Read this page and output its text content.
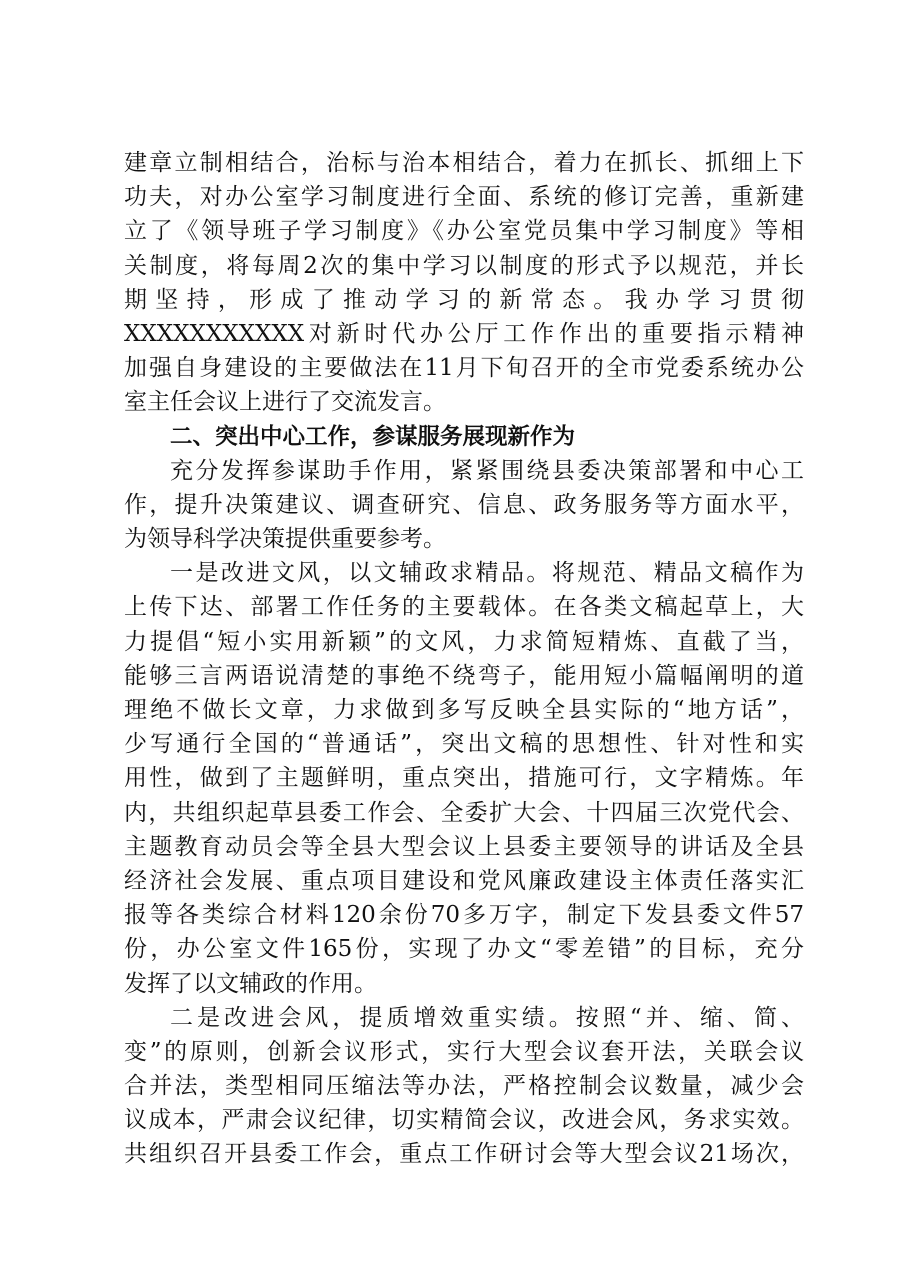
建章立制相结合，治标与治本相结合，着力在抓长、抓细上下
功夫，对办公室学习制度进行全面、系统的修订完善，重新建
立了《领导班子学习制度》《办公室党员集中学习制度》等相
关制度，将每周2次的集中学习以制度的形式予以规范，并长
期坚持，形成了推动学习的新常态。我办学习贯彻
XXXXXXXXXXX对新时代办公厅工作作出的重要指示精神
加强自身建设的主要做法在11月下旬召开的全市党委系统办公
室主任会议上进行了交流发言。
二、突出中心工作，参谋服务展现新作为
充分发挥参谋助手作用，紧紧围绕县委决策部署和中心工
作，提升决策建议、调查研究、信息、政务服务等方面水平，
为领导科学决策提供重要参考。
一是改进文风，以文辅政求精品。将规范、精品文稿作为
上传下达、部署工作任务的主要载体。在各类文稿起草上，大
力提倡“短小实用新颖”的文风，力求简短精炼、直截了当，
能够三言两语说清楚的事绝不绕弯子，能用短小篇幅阐明的道
理绝不做长文章，力求做到多写反映全县实际的“地方话”，
少写通行全国的“普通话”，突出文稿的思想性、针对性和实
用性，做到了主题鲜明，重点突出，措施可行，文字精炼。年
内，共组织起草县委工作会、全委扩大会、十四届三次党代会、
主题教育动员会等全县大型会议上县委主要领导的讲话及全县
经济社会发展、重点项目建设和党风廉政建设主体责任落实汇
报等各类综合材料120余份70多万字，制定下发县委文件57
份，办公室文件165份，实现了办文“零差错”的目标，充分
发挥了以文辅政的作用。
二是改进会风，提质增效重实绩。按照“并、缩、简、
变”的原则，创新会议形式，实行大型会议套开法，关联会议
合并法，类型相同压缩法等办法，严格控制会议数量，减少会
议成本，严肃会议纪律，切实精简会议，改进会风，务求实效。
共组织召开县委工作会，重点工作研讨会等大型会议21场次，
